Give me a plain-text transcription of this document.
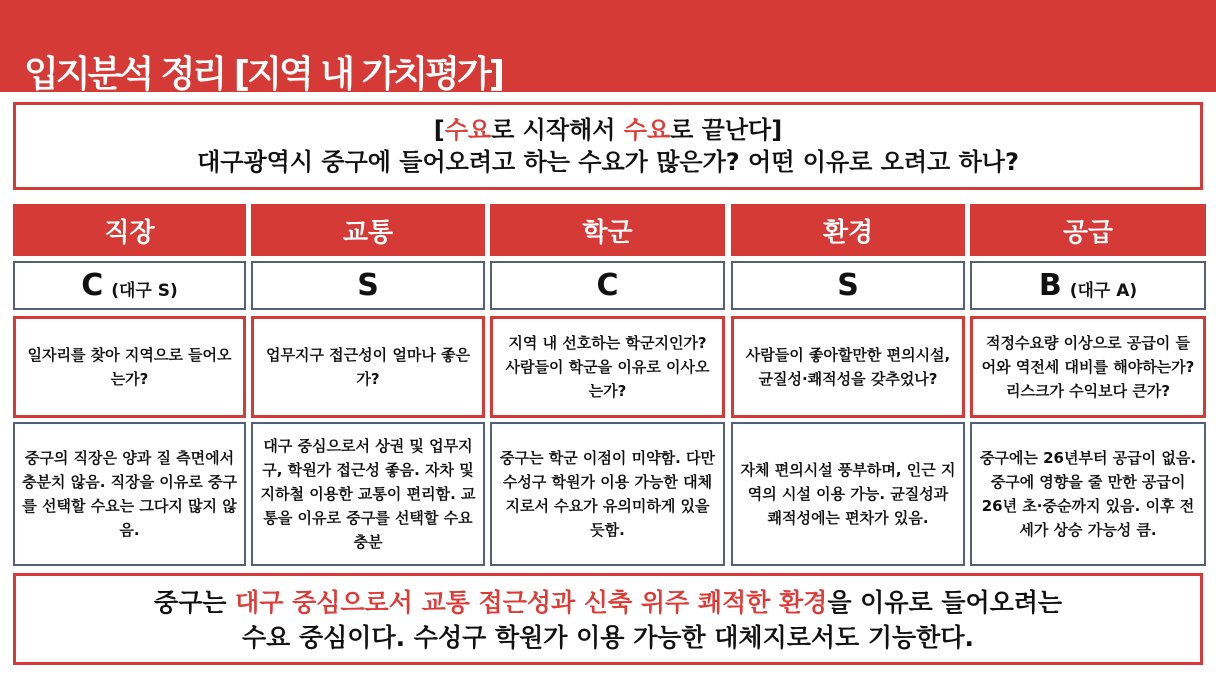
입지분석 정리 [지역 내 가치평가]
[수요로 시작해서 수요로 끝난다]
대구광역시 중구에 들어오려고 하는 수요가 많은가? 어떤 이유로 오려고 하나?
직장
C (대구 S)
일자리를 찾아 지역으로 들어오는가?
중구의 직장은 양과 질 측면에서 충분치 않음. 직장을 이유로 중구를 선택할 수요는 그다지 많지 않음.
교통
S
업무지구 접근성이 얼마나 좋은가?
대구 중심으로서 상권 및 업무지구, 학원가 접근성 좋음. 자차 및 지하철 이용한 교통이 편리함. 교통을 이유로 중구를 선택할 수요 충분
학군
C
지역 내 선호하는 학군지인가? 사람들이 학군을 이유로 이사오는가?
중구는 학군 이점이 미약함. 다만 수성구 학원가 이용 가능한 대체지로서 수요가 유의미하게 있을 듯함.
환경
S
사람들이 좋아할만한 편의시설, 균질성·쾌적성을 갖추었나?
자체 편의시설 풍부하며, 인근 지역의 시설 이용 가능. 균질성과 쾌적성에는 편차가 있음.
공급
B (대구 A)
적정수요량 이상으로 공급이 들어와 역전세 대비를 해야하는가? 리스크가 수익보다 큰가?
중구에는 26년부터 공급이 없음. 중구에 영향을 줄 만한 공급이 26년 초·중순까지 있음. 이후 전세가 상승 가능성 큼.
중구는 대구 중심으로서 교통 접근성과 신축 위주 쾌적한 환경을 이유로 들어오려는
수요 중심이다. 수성구 학원가 이용 가능한 대체지로서도 기능한다.
